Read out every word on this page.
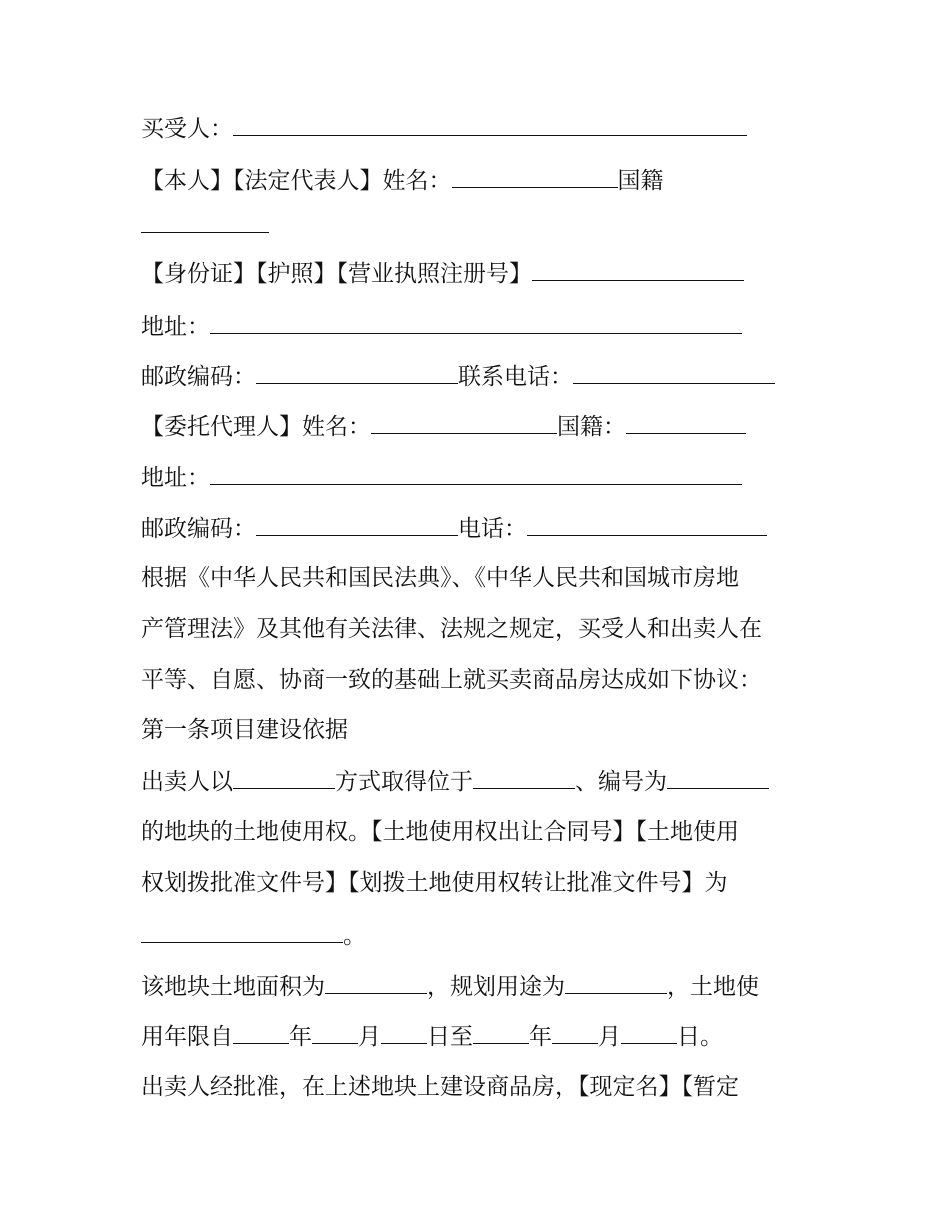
买受人：
【本人】【法定代表人】姓名：	国籍
【身份证】【护照】【营业执照注册号】
地址：
邮政编码：	联系电话：
【委托代理人】姓名：	国籍：
地址：
邮政编码：	电话：
根据《中华人民共和国民法典》、《中华人民共和国城市房地
产管理法》及其他有关法律、法规之规定，买受人和出卖人在
平等、自愿、协商一致的基础上就买卖商品房达成如下协议：
第一条项目建设依据
出卖人以	方式取得位于	、编号为
的地块的土地使用权。【土地使用权出让合同号】【土地使用
权划拨批准文件号】【划拨土地使用权转让批准文件号】为
。
该地块土地面积为	，规划用途为	，土地使
用年限自 年 月 日至 年 月 日。
出卖人经批准，在上述地块上建设商品房，【现定名】【暂定
